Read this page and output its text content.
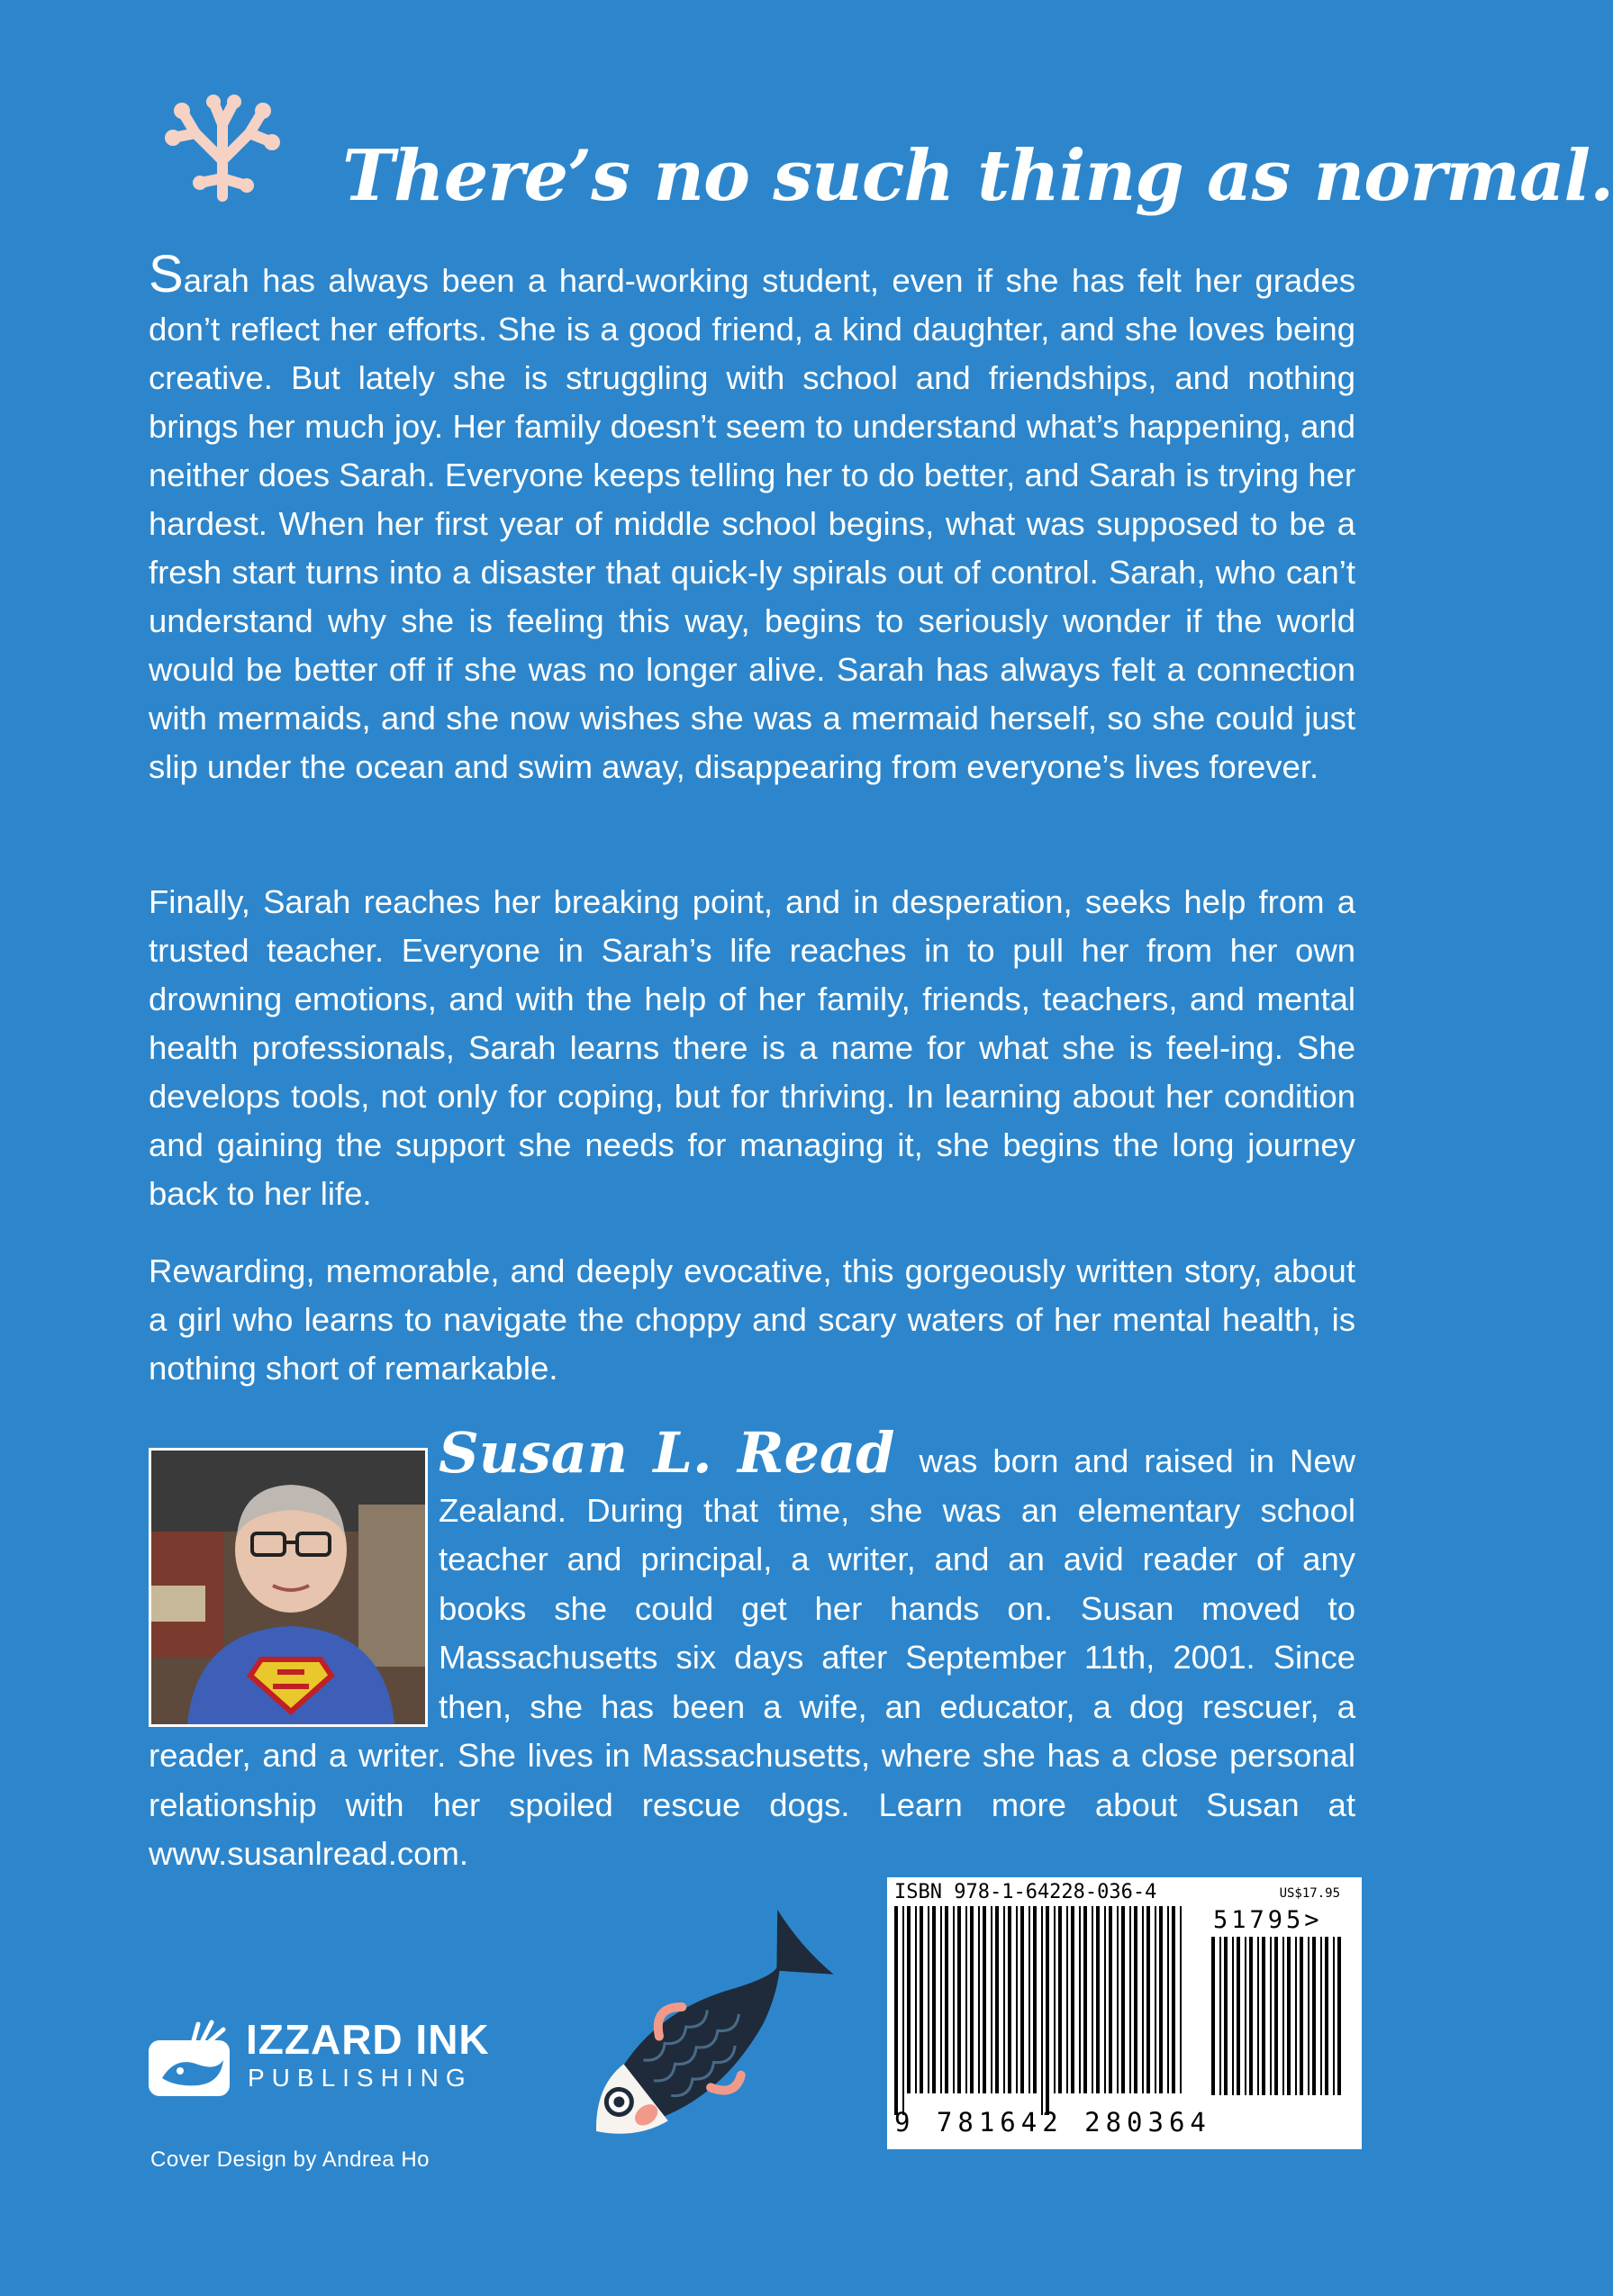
There’s no such thing as normal.
Sarah has always been a hard-working student, even if she has felt her grades don’t reflect her efforts. She is a good friend, a kind daughter, and she loves being creative. But lately she is struggling with school and friendships, and nothing brings her much joy. Her family doesn’t seem to understand what’s happening, and neither does Sarah. Everyone keeps telling her to do better, and Sarah is trying her hardest. When her first year of middle school begins, what was supposed to be a fresh start turns into a disaster that quick-ly spirals out of control. Sarah, who can’t understand why she is feeling this way, begins to seriously wonder if the world would be better off if she was no longer alive. Sarah has always felt a connection with mermaids, and she now wishes she was a mermaid herself, so she could just slip under the ocean and swim away, disappearing from everyone’s lives forever.
Finally, Sarah reaches her breaking point, and in desperation, seeks help from a trusted teacher. Everyone in Sarah’s life reaches in to pull her from her own drowning emotions, and with the help of her family, friends, teachers, and mental health professionals, Sarah learns there is a name for what she is feel-ing. She develops tools, not only for coping, but for thriving. In learning about her condition and gaining the support she needs for managing it, she begins the long journey back to her life.
Rewarding, memorable, and deeply evocative, this gorgeously written story, about a girl who learns to navigate the choppy and scary waters of her mental health, is nothing short of remarkable.
Susan L. Read was born and raised in New Zealand. During that time, she was an elementary school teacher and principal, a writer, and an avid reader of any books she could get her hands on. Susan moved to Massachusetts six days after September 11th, 2001. Since then, she has been a wife, an educator, a dog rescuer, a reader, and a writer. She lives in Massachusetts, where she has a close personal relationship with her spoiled rescue dogs. Learn more about Susan at www.susanlread.com.
IZZARD INK
PUBLISHING
Cover Design by Andrea Ho
ISBN 978-1-64228-036-4	US$17.95
51795>
9 781642 280364
